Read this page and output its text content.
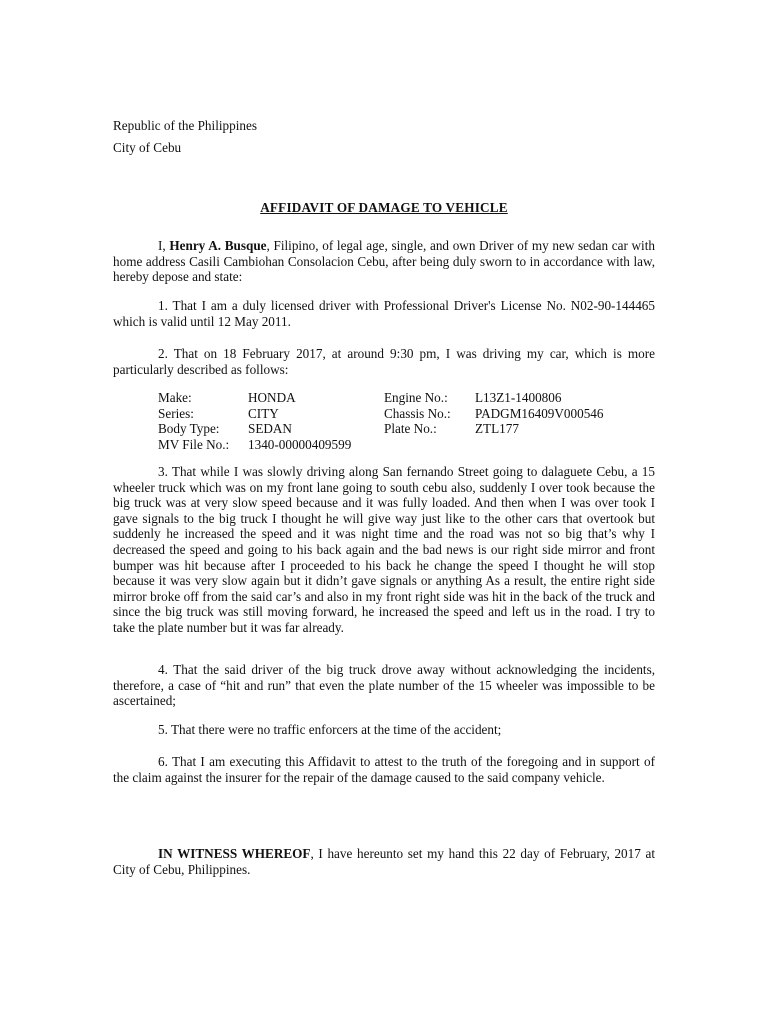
Republic of the Philippines
City of Cebu
AFFIDAVIT OF DAMAGE TO VEHICLE

I, Henry A. Busque, Filipino, of legal age, single, and own Driver of my new sedan car with home address Casili Cambiohan Consolacion Cebu, after being duly sworn to in accordance with law, hereby depose and state:

1. That I am a duly licensed driver with Professional Driver's License No. N02-90-144465 which is valid until 12 May 2011.

2. That on 18 February 2017, at around 9:30 pm, I was driving my car, which is more particularly described as follows:

Make:	HONDA	Engine No.: L13Z1-1400806
Series:	CITY	Chassis No.: PADGM16409V000546
Body Type: SEDAN	Plate No.:	ZTL177
MV File No.: 1340-00000409599

3. That while I was slowly driving along San fernando Street going to dalaguete Cebu, a 15 wheeler truck which was on my front lane going to south cebu also, suddenly I over took because the big truck was at very slow speed because and it was fully loaded. And then when I was over took I gave signals to the big truck I thought he will give way just like to the other cars that overtook but suddenly he increased the speed and it was night time and the road was not so big that’s why I decreased the speed and going to his back again and the bad news is our right side mirror and front bumper was hit because after I proceeded to his back he change the speed I thought he will stop because it was very slow again but it didn’t gave signals or anything As a result, the entire right side mirror broke off from the said car’s and also in my front right side was hit in the back of the truck and since the big truck was still moving forward, he increased the speed and left us in the road. I try to take the plate number but it was far already.

4. That the said driver of the big truck drove away without acknowledging the incidents, therefore, a case of “hit and run” that even the plate number of the 15 wheeler was impossible to be ascertained;

5. That there were no traffic enforcers at the time of the accident;

6. That I am executing this Affidavit to attest to the truth of the foregoing and in support of the claim against the insurer for the repair of the damage caused to the said company vehicle.

IN WITNESS WHEREOF, I have hereunto set my hand this 22 day of February, 2017 at City of Cebu, Philippines.
